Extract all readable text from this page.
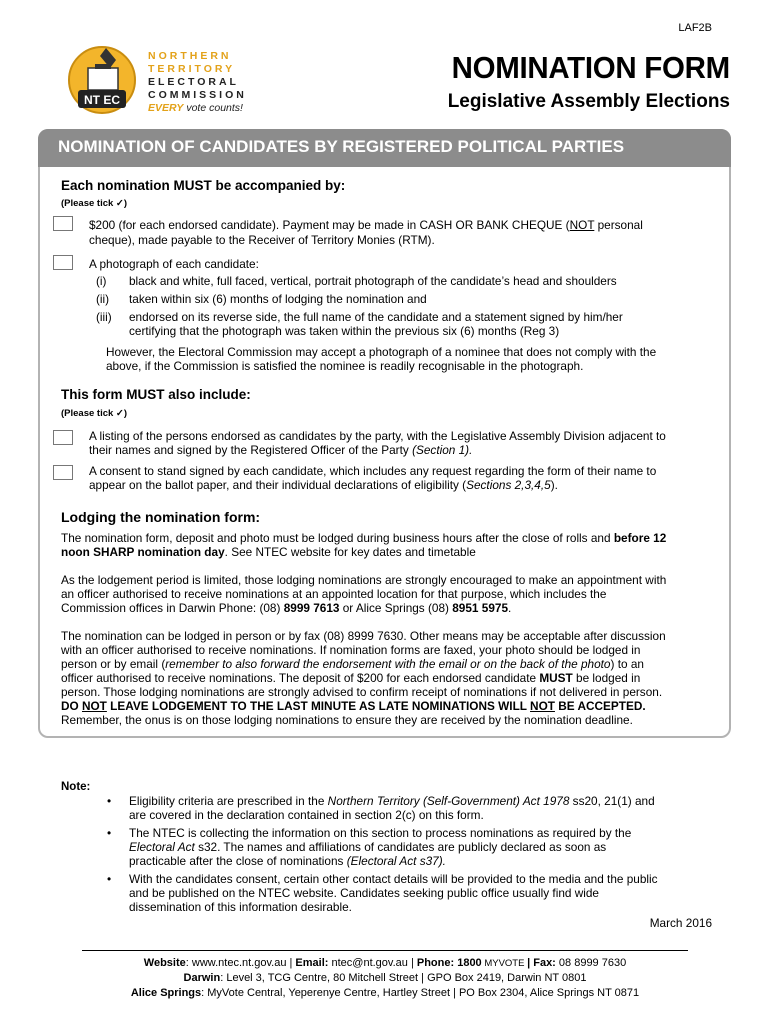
LAF2B
NT EC
NORTHERN
TERRITORY
ELECTORAL
COMMISSION
EVERY vote counts!
NOMINATION FORM
Legislative Assembly Elections
NOMINATION OF CANDIDATES BY REGISTERED POLITICAL PARTIES
Each nomination MUST be accompanied by:
(Please tick ✓)
$200 (for each endorsed candidate). Payment may be made in CASH OR BANK CHEQUE (NOT personal
cheque), made payable to the Receiver of Territory Monies (RTM).
A photograph of each candidate:
(i) black and white, full faced, vertical, portrait photograph of the candidate’s head and shoulders
(ii) taken within six (6) months of lodging the nomination and
(iii) endorsed on its reverse side, the full name of the candidate and a statement signed by him/her
certifying that the photograph was taken within the previous six (6) months (Reg 3)
However, the Electoral Commission may accept a photograph of a nominee that does not comply with the
above, if the Commission is satisfied the nominee is readily recognisable in the photograph.
This form MUST also include:
(Please tick ✓)
A listing of the persons endorsed as candidates by the party, with the Legislative Assembly Division adjacent to
their names and signed by the Registered Officer of the Party (Section 1).
A consent to stand signed by each candidate, which includes any request regarding the form of their name to
appear on the ballot paper, and their individual declarations of eligibility (Sections 2,3,4,5).
Lodging the nomination form:
The nomination form, deposit and photo must be lodged during business hours after the close of rolls and before 12
noon SHARP nomination day. See NTEC website for key dates and timetable
As the lodgement period is limited, those lodging nominations are strongly encouraged to make an appointment with
an officer authorised to receive nominations at an appointed location for that purpose, which includes the
Commission offices in Darwin Phone: (08) 8999 7613 or Alice Springs (08) 8951 5975.
The nomination can be lodged in person or by fax (08) 8999 7630. Other means may be acceptable after discussion
with an officer authorised to receive nominations. If nomination forms are faxed, your photo should be lodged in
person or by email (remember to also forward the endorsement with the email or on the back of the photo) to an
officer authorised to receive nominations. The deposit of $200 for each endorsed candidate MUST be lodged in
person. Those lodging nominations are strongly advised to confirm receipt of nominations if not delivered in person.
DO NOT LEAVE LODGEMENT TO THE LAST MINUTE AS LATE NOMINATIONS WILL NOT BE ACCEPTED.
Remember, the onus is on those lodging nominations to ensure they are received by the nomination deadline.
Note:
• Eligibility criteria are prescribed in the Northern Territory (Self-Government) Act 1978 ss20, 21(1) and
are covered in the declaration contained in section 2(c) on this form.
• The NTEC is collecting the information on this section to process nominations as required by the
Electoral Act s32. The names and affiliations of candidates are publicly declared as soon as
practicable after the close of nominations (Electoral Act s37).
• With the candidates consent, certain other contact details will be provided to the media and the public
and be published on the NTEC website. Candidates seeking public office usually find wide
dissemination of this information desirable.
March 2016
Website: www.ntec.nt.gov.au | Email: ntec@nt.gov.au | Phone: 1800 MYVOTE | Fax: 08 8999 7630
Darwin: Level 3, TCG Centre, 80 Mitchell Street | GPO Box 2419, Darwin NT 0801
Alice Springs: MyVote Central, Yeperenye Centre, Hartley Street | PO Box 2304, Alice Springs NT 0871
